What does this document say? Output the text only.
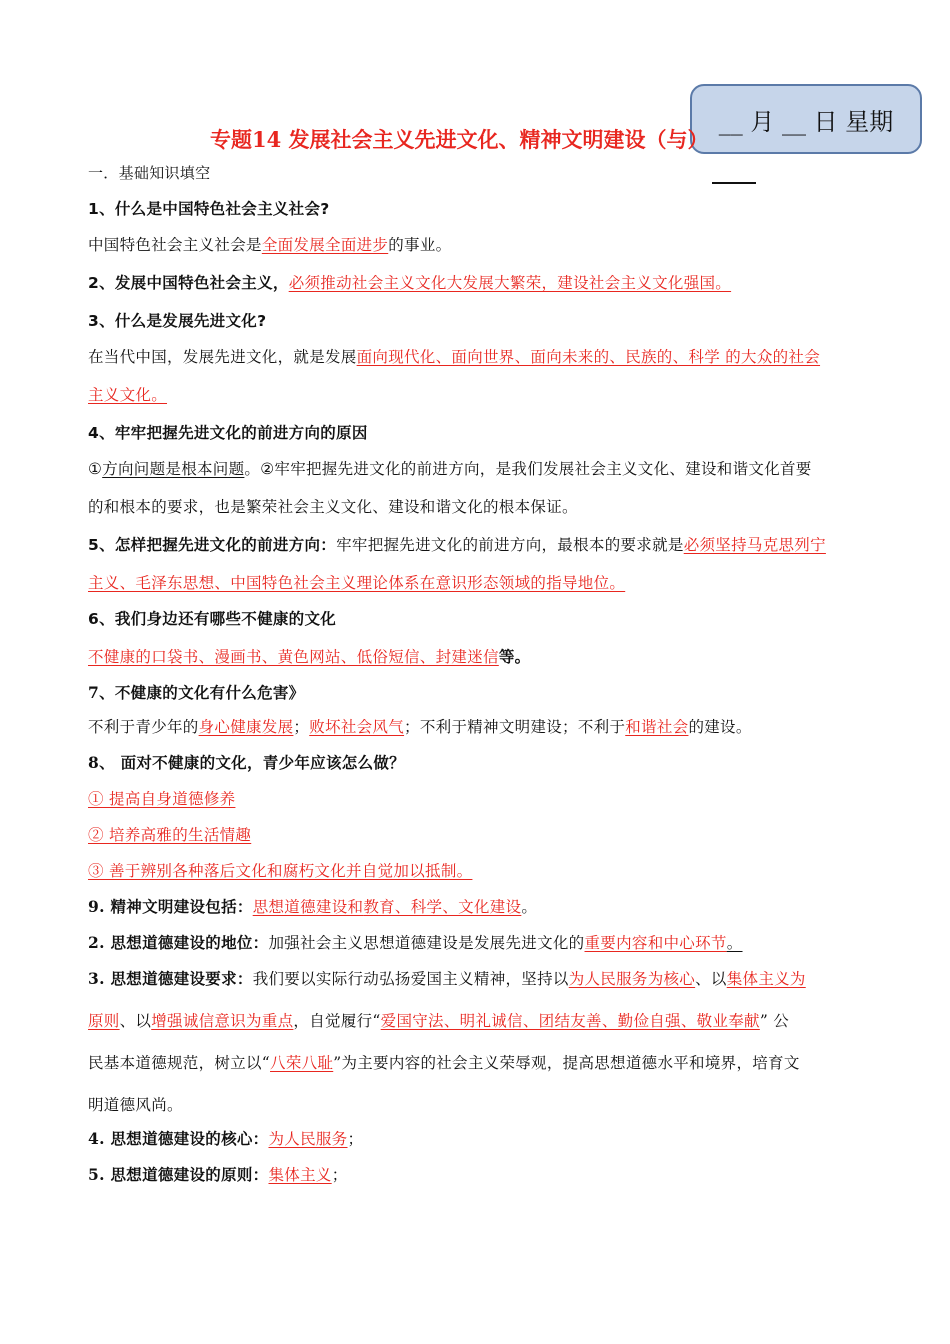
__ 月 __ 日 星期
专题14 发展社会主义先进文化、精神文明建设（与）
一．基础知识填空
1、什么是中国特色社会主义社会?
中国特色社会主义社会是全面发展全面进步的事业。
2、发展中国特色社会主义，必须推动社会主义文化大发展大繁荣，建设社会主义文化强国。
3、什么是发展先进文化?
在当代中国，发展先进文化，就是发展面向现代化、面向世界、面向未来的、民族的、科学 的大众的社会
主义文化。
4、牢牢把握先进文化的前进方向的原因
①方向问题是根本问题。②牢牢把握先进文化的前进方向，是我们发展社会主义文化、建设和谐文化首要
的和根本的要求，也是繁荣社会主义文化、建设和谐文化的根本保证。
5、怎样把握先进文化的前进方向：牢牢把握先进文化的前进方向，最根本的要求就是必须坚持马克思列宁
主义、毛泽东思想、中国特色社会主义理论体系在意识形态领域的指导地位。
6、我们身边还有哪些不健康的文化
不健康的口袋书、漫画书、黄色网站、低俗短信、封建迷信等。
7、不健康的文化有什么危害》
不利于青少年的身心健康发展；败坏社会风气；不利于精神文明建设；不利于和谐社会的建设。
8、 面对不健康的文化，青少年应该怎么做？
① 提高自身道德修养
② 培养高雅的生活情趣
③ 善于辨别各种落后文化和腐朽文化并自觉加以抵制。
9. 精神文明建设包括：思想道德建设和教育、科学、文化建设。
2. 思想道德建设的地位：加强社会主义思想道德建设是发展先进文化的重要内容和中心环节。
3. 思想道德建设要求：我们要以实际行动弘扬爱国主义精神，坚持以为人民服务为核心、以集体主义为
原则、以增强诚信意识为重点，自觉履行“爱国守法、明礼诚信、团结友善、勤俭自强、敬业奉献” 公
民基本道德规范，树立以“八荣八耻”为主要内容的社会主义荣辱观，提高思想道德水平和境界，培育文
明道德风尚。
4. 思想道德建设的核心：为人民服务；
5. 思想道德建设的原则：集体主义；
